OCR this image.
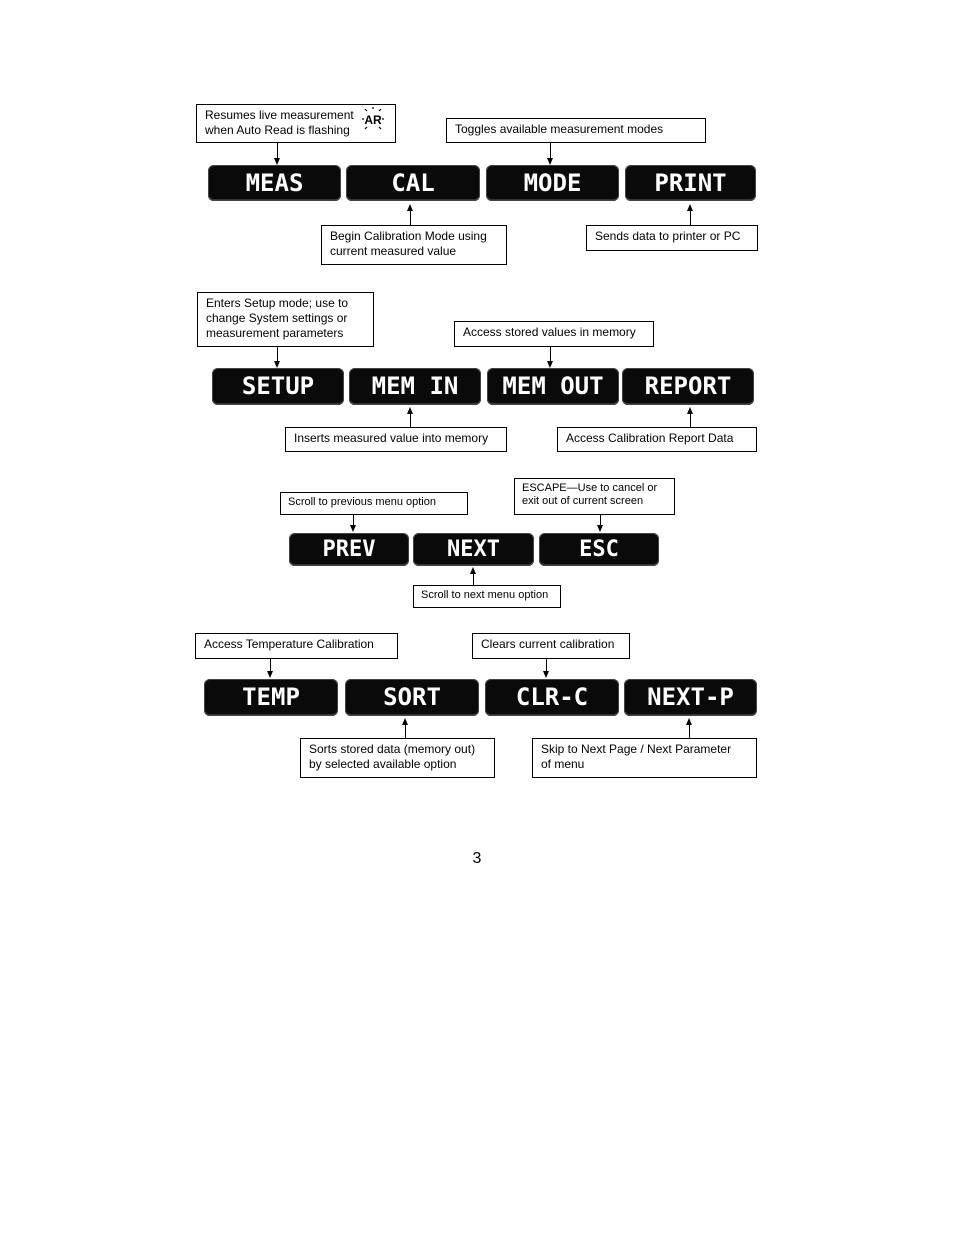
Resumes live measurement
when Auto Read is flashing
AR
Toggles available measurement modes
MEAS	CAL	MODE	PRINT
Begin Calibration Mode using
current measured value
Sends data to printer or PC
Enters Setup mode; use to
change System settings or
measurement parameters	Access stored values in memory
SETUP	MEM IN	MEM OUT	REPORT
Inserts measured value into memory	Access Calibration Report Data
Scroll to previous menu option
ESCAPE—Use to cancel or
exit out of current screen
PREV	NEXT	ESC
Scroll to next menu option
Access Temperature Calibration	Clears current calibration
TEMP	SORT	CLR-C	NEXT-P
Sorts stored data (memory out)
by selected available option
Skip to Next Page / Next Parameter
of menu
3
